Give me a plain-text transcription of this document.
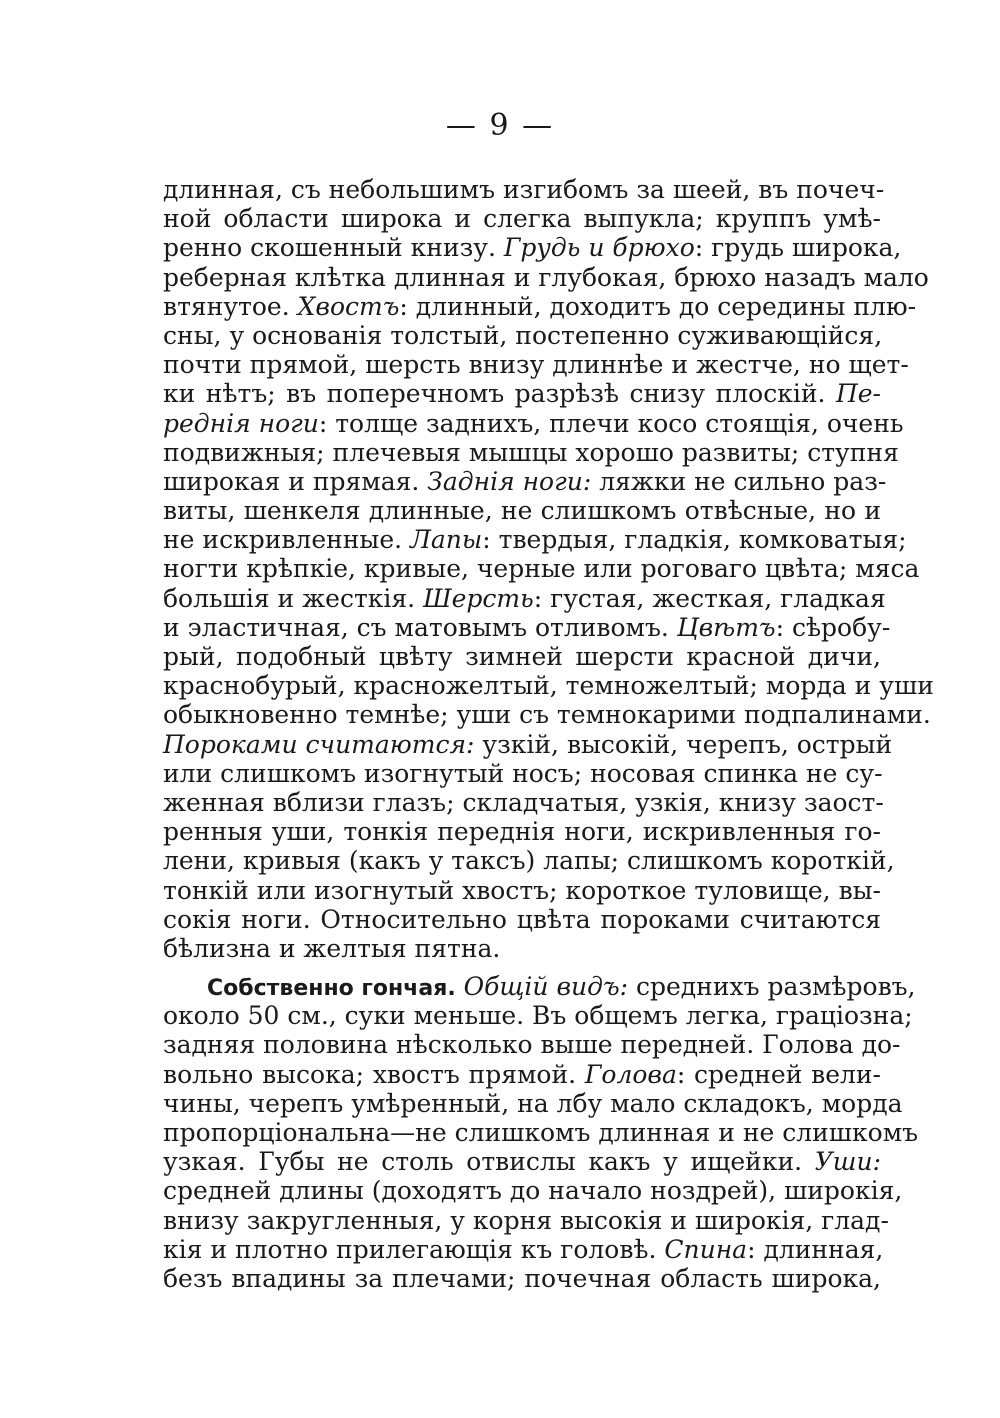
— 9 —
длинная, съ небольшимъ изгибомъ за шеей, въ почеч-
ной области широка и слегка выпукла; круппъ умѣ-
ренно скошенный книзу. Грудь и брюхо: грудь широка,
реберная клѣтка длинная и глубокая, брюхо назадъ мало
втянутое. Хвостъ: длинный, доходитъ до середины плю-
сны, у основанія толстый, постепенно суживающійся,
почти прямой, шерсть внизу длиннѣе и жестче, но щет-
ки нѣтъ; въ поперечномъ разрѣзѣ снизу плоскій. Пе-
реднія ноги: толще заднихъ, плечи косо стоящія, очень
подвижныя; плечевыя мышцы хорошо развиты; ступня
широкая и прямая. Заднія ноги: ляжки не сильно раз-
виты, шенкеля длинные, не слишкомъ отвѣсные, но и
не искривленные. Лапы: твердыя, гладкія, комковатыя;
ногти крѣпкіе, кривые, черные или роговаго цвѣта; мяса
большія и жесткія. Шерсть: густая, жесткая, гладкая
и эластичная, съ матовымъ отливомъ. Цвѣтъ: сѣробу-
рый, подобный цвѣту зимней шерсти красной дичи,
краснобурый, красножелтый, темножелтый; морда и уши
обыкновенно темнѣе; уши съ темнокарими подпалинами.
Пороками считаются: узкій, высокій, черепъ, острый
или слишкомъ изогнутый носъ; носовая спинка не су-
женная вблизи глазъ; складчатыя, узкія, книзу заост-
ренныя уши, тонкія переднія ноги, искривленныя го-
лени, кривыя (какъ у таксъ) лапы; слишкомъ короткій,
тонкій или изогнутый хвостъ; короткое туловище, вы-
сокія ноги. Относительно цвѣта пороками считаются
бѣлизна и желтыя пятна.
Собственно гончая. Общій видъ: среднихъ размѣровъ,
около 50 см., суки меньше. Въ общемъ легка, граціозна;
задняя половина нѣсколько выше передней. Голова до-
вольно высока; хвостъ прямой. Голова: средней вели-
чины, черепъ умѣренный, на лбу мало складокъ, морда
пропорціональна—не слишкомъ длинная и не слишкомъ
узкая. Губы не столь отвислы какъ у ищейки. Уши:
средней длины (доходятъ до начало ноздрей), широкія,
внизу закругленныя, у корня высокія и широкія, глад-
кія и плотно прилегающія къ головѣ. Спина: длинная,
безъ впадины за плечами; почечная область широка,
